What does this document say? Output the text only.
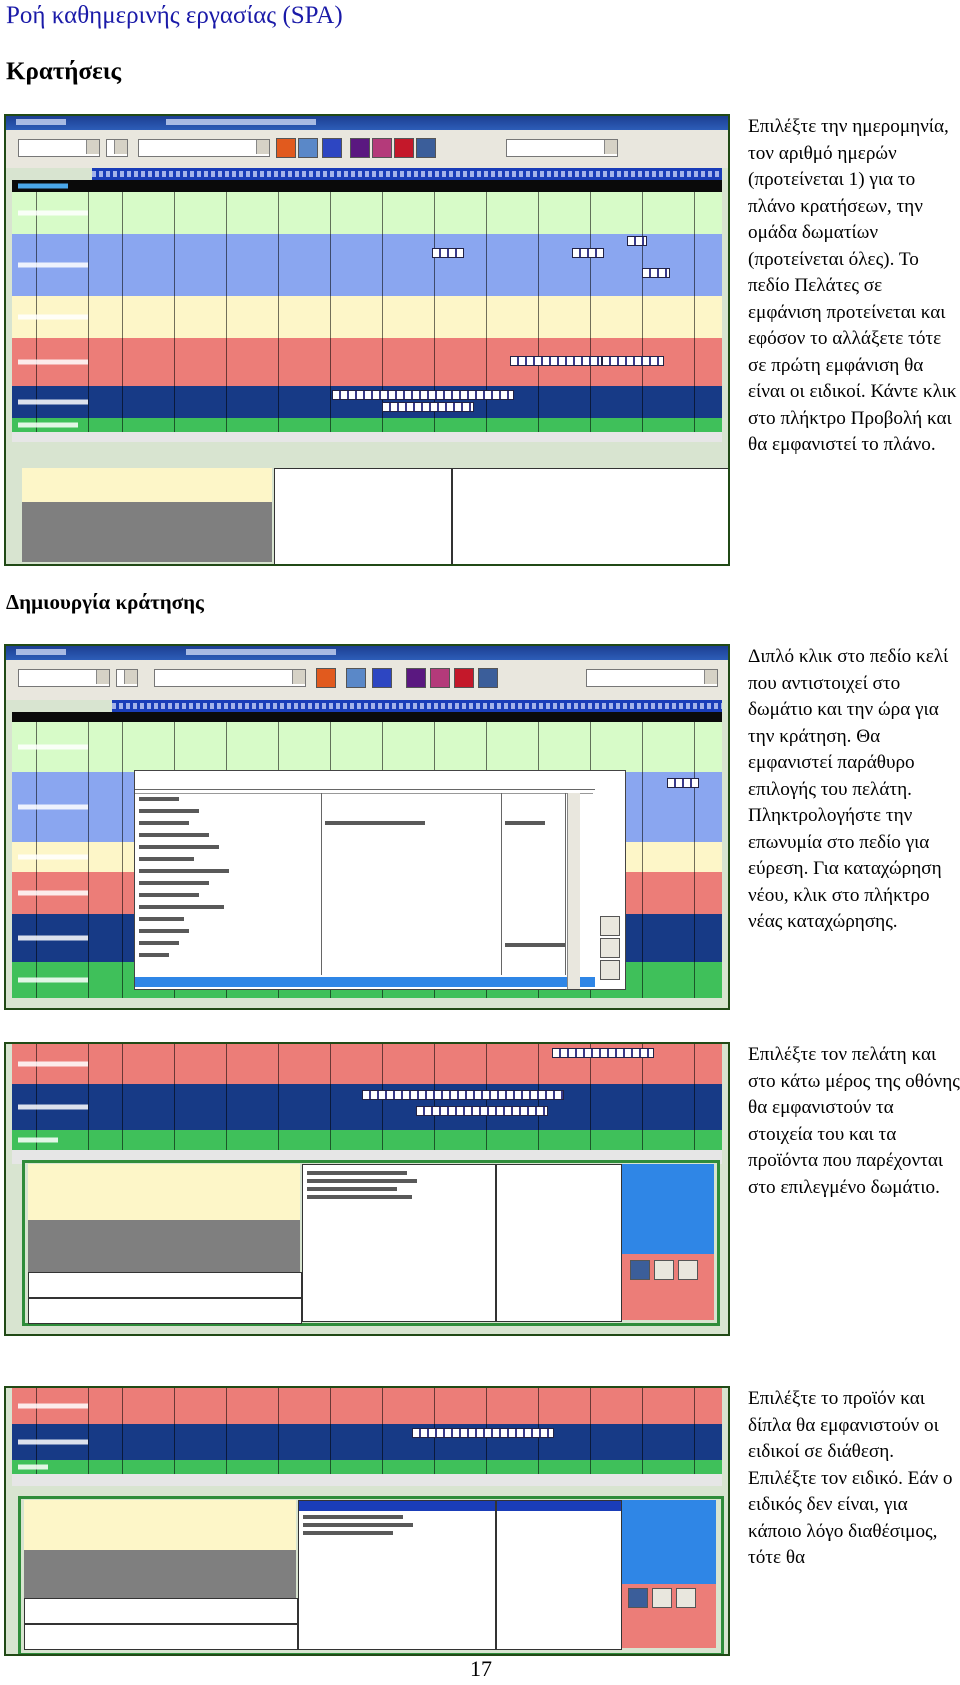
Ροή καθημερινής εργασίας (SPA)
Κρατήσεις

Επιλέξτε την ημερομηνία, τον αριθμό ημερών (προτείνεται 1) για το πλάνο κρατήσεων, την ομάδα δωματίων (προτείνεται όλες). Το πεδίο Πελάτες σε εμφάνιση προτείνεται και εφόσον το αλλάξετε τότε σε πρώτη εμφάνιση θα είναι οι ειδικοί. Κάντε κλικ στο πλήκτρο Προβολή και θα εμφανιστεί το πλάνο.

Δημιουργία κράτησης

Διπλό κλικ στο πεδίο κελί που αντιστοιχεί στο δωμάτιο και την ώρα για την κράτηση. Θα εμφανιστεί παράθυρο επιλογής του πελάτη. Πληκτρολογήστε την επωνυμία στο πεδίο για εύρεση. Για καταχώρηση νέου, κλικ στο πλήκτρο νέας καταχώρησης.

Επιλέξτε τον πελάτη και στο κάτω μέρος της οθόνης θα εμφανιστούν τα στοιχεία του και τα προϊόντα που παρέχονται στο επιλεγμένο δωμάτιο.

Επιλέξτε το προϊόν και δίπλα θα εμφανιστούν οι ειδικοί σε διάθεση. Επιλέξτε τον ειδικό. Εάν ο ειδικός δεν είναι, για κάποιο λόγο διαθέσιμος, τότε θα

17
